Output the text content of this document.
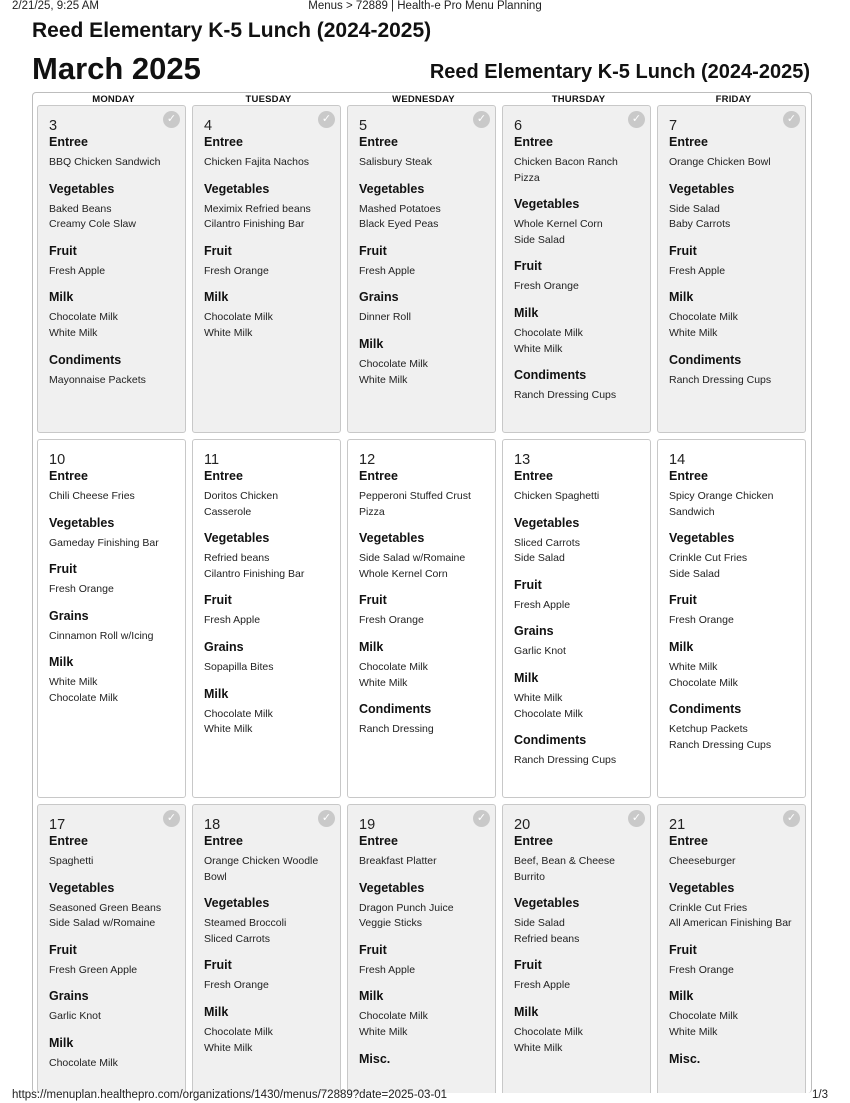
2/21/25, 9:25 AM	Menus > 72889 | Health-e Pro Menu Planning
Reed Elementary K-5 Lunch (2024-2025)
March 2025	Reed Elementary K-5 Lunch (2024-2025)
MONDAY	TUESDAY	WEDNESDAY	THURSDAY	FRIDAY
✓
3
Entree
BBQ Chicken Sandwich
Vegetables
Baked Beans
Creamy Cole Slaw
Fruit
Fresh Apple
Milk
Chocolate Milk
White Milk
Condiments
Mayonnaise Packets
✓
4
Entree
Chicken Fajita Nachos
Vegetables
Meximix Refried beans
Cilantro Finishing Bar
Fruit
Fresh Orange
Milk
Chocolate Milk
White Milk
✓
5
Entree
Salisbury Steak
Vegetables
Mashed Potatoes
Black Eyed Peas
Fruit
Fresh Apple
Grains
Dinner Roll
Milk
Chocolate Milk
White Milk
✓
6
Entree
Chicken Bacon Ranch
Pizza
Vegetables
Whole Kernel Corn
Side Salad
Fruit
Fresh Orange
Milk
Chocolate Milk
White Milk
Condiments
Ranch Dressing Cups
✓
7
Entree
Orange Chicken Bowl
Vegetables
Side Salad
Baby Carrots
Fruit
Fresh Apple
Milk
Chocolate Milk
White Milk
Condiments
Ranch Dressing Cups
10
Entree
Chili Cheese Fries
Vegetables
Gameday Finishing Bar
Fruit
Fresh Orange
Grains
Cinnamon Roll w/Icing
Milk
White Milk
Chocolate Milk
11
Entree
Doritos Chicken
Casserole
Vegetables
Refried beans
Cilantro Finishing Bar
Fruit
Fresh Apple
Grains
Sopapilla Bites
Milk
Chocolate Milk
White Milk
12
Entree
Pepperoni Stuffed Crust
Pizza
Vegetables
Side Salad w/Romaine
Whole Kernel Corn
Fruit
Fresh Orange
Milk
Chocolate Milk
White Milk
Condiments
Ranch Dressing
13
Entree
Chicken Spaghetti
Vegetables
Sliced Carrots
Side Salad
Fruit
Fresh Apple
Grains
Garlic Knot
Milk
White Milk
Chocolate Milk
Condiments
Ranch Dressing Cups
14
Entree
Spicy Orange Chicken
Sandwich
Vegetables
Crinkle Cut Fries
Side Salad
Fruit
Fresh Orange
Milk
White Milk
Chocolate Milk
Condiments
Ketchup Packets
Ranch Dressing Cups
✓
17
Entree
Spaghetti
Vegetables
Seasoned Green Beans
Side Salad w/Romaine
Fruit
Fresh Green Apple
Grains
Garlic Knot
Milk
Chocolate Milk
✓
18
Entree
Orange Chicken Woodle
Bowl
Vegetables
Steamed Broccoli
Sliced Carrots
Fruit
Fresh Orange
Milk
Chocolate Milk
White Milk
✓
19
Entree
Breakfast Platter
Vegetables
Dragon Punch Juice
Veggie Sticks
Fruit
Fresh Apple
Milk
Chocolate Milk
White Milk
Misc.
✓
20
Entree
Beef, Bean & Cheese
Burrito
Vegetables
Side Salad
Refried beans
Fruit
Fresh Apple
Milk
Chocolate Milk
White Milk
✓
21
Entree
Cheeseburger
Vegetables
Crinkle Cut Fries
All American Finishing Bar
Fruit
Fresh Orange
Milk
Chocolate Milk
White Milk
Misc.
https://menuplan.healthepro.com/organizations/1430/menus/72889?date=2025-03-01	1/3
